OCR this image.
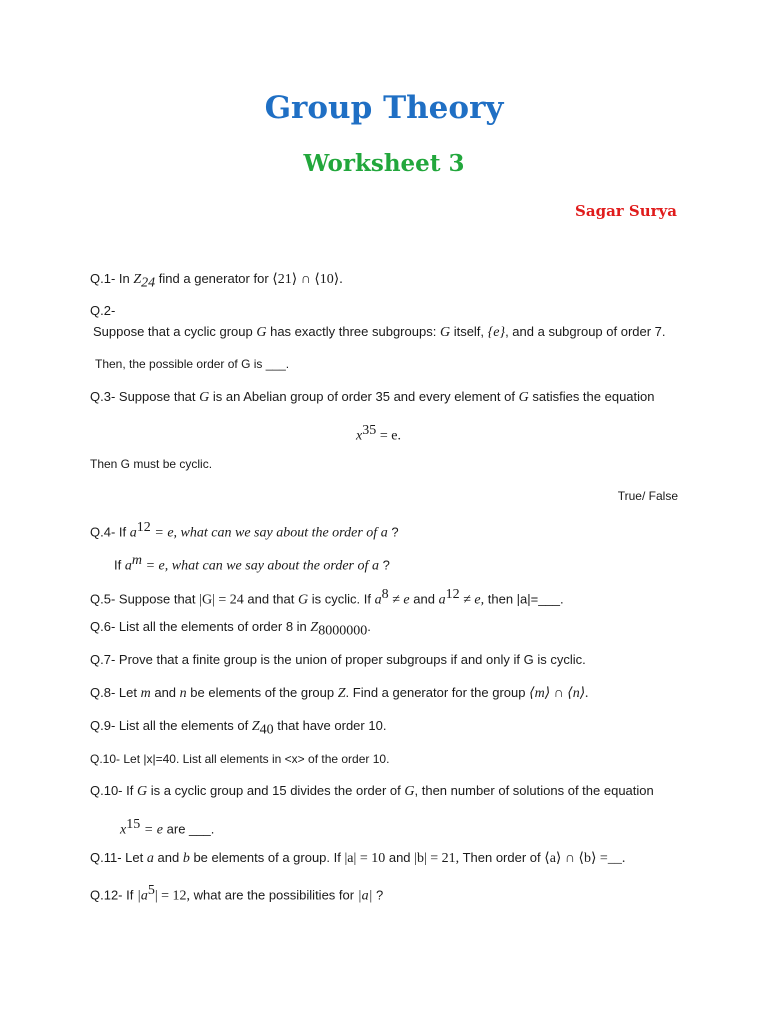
Group Theory
Worksheet 3
Sagar Surya
Q.1- In $Z_{24}$ find a generator for ⟨21⟩ ∩ ⟨10⟩.
Q.2-
Suppose that a cyclic group G has exactly three subgroups: G itself, {e}, and a subgroup of order 7.
Then, the possible order of G is ___.
Q.3- Suppose that G is an Abelian group of order 35 and every element of G satisfies the equation
$x^{35} = e$.
Then G must be cyclic.
True/ False
Q.4- If $a^{12} = e$, what can we say about the order of a ?
If $a^m = e$, what can we say about the order of a ?
Q.5- Suppose that |G| = 24 and that G is cyclic. If $a^8 \ne e$ and $a^{12} \ne e$, then |a|=___.
Q.6- List all the elements of order 8 in $Z_{8000000}$.
Q.7- Prove that a finite group is the union of proper subgroups if and only if G is cyclic.
Q.8- Let m and n be elements of the group Z. Find a generator for the group ⟨m⟩ ∩ ⟨n⟩.
Q.9- List all the elements of $Z_{40}$ that have order 10.
Q.10- Let |x|=40. List all elements in <x> of the order 10.
Q.10- If G is a cyclic group and 15 divides the order of G, then number of solutions of the equation
$x^{15} = e$ are ___.
Q.11- Let a and b be elements of a group. If |a| = 10 and |b| = 21, Then order of ⟨a⟩ ∩ ⟨b⟩ =__.
Q.12- If $|a^5| = 12$, what are the possibilities for |a| ?
